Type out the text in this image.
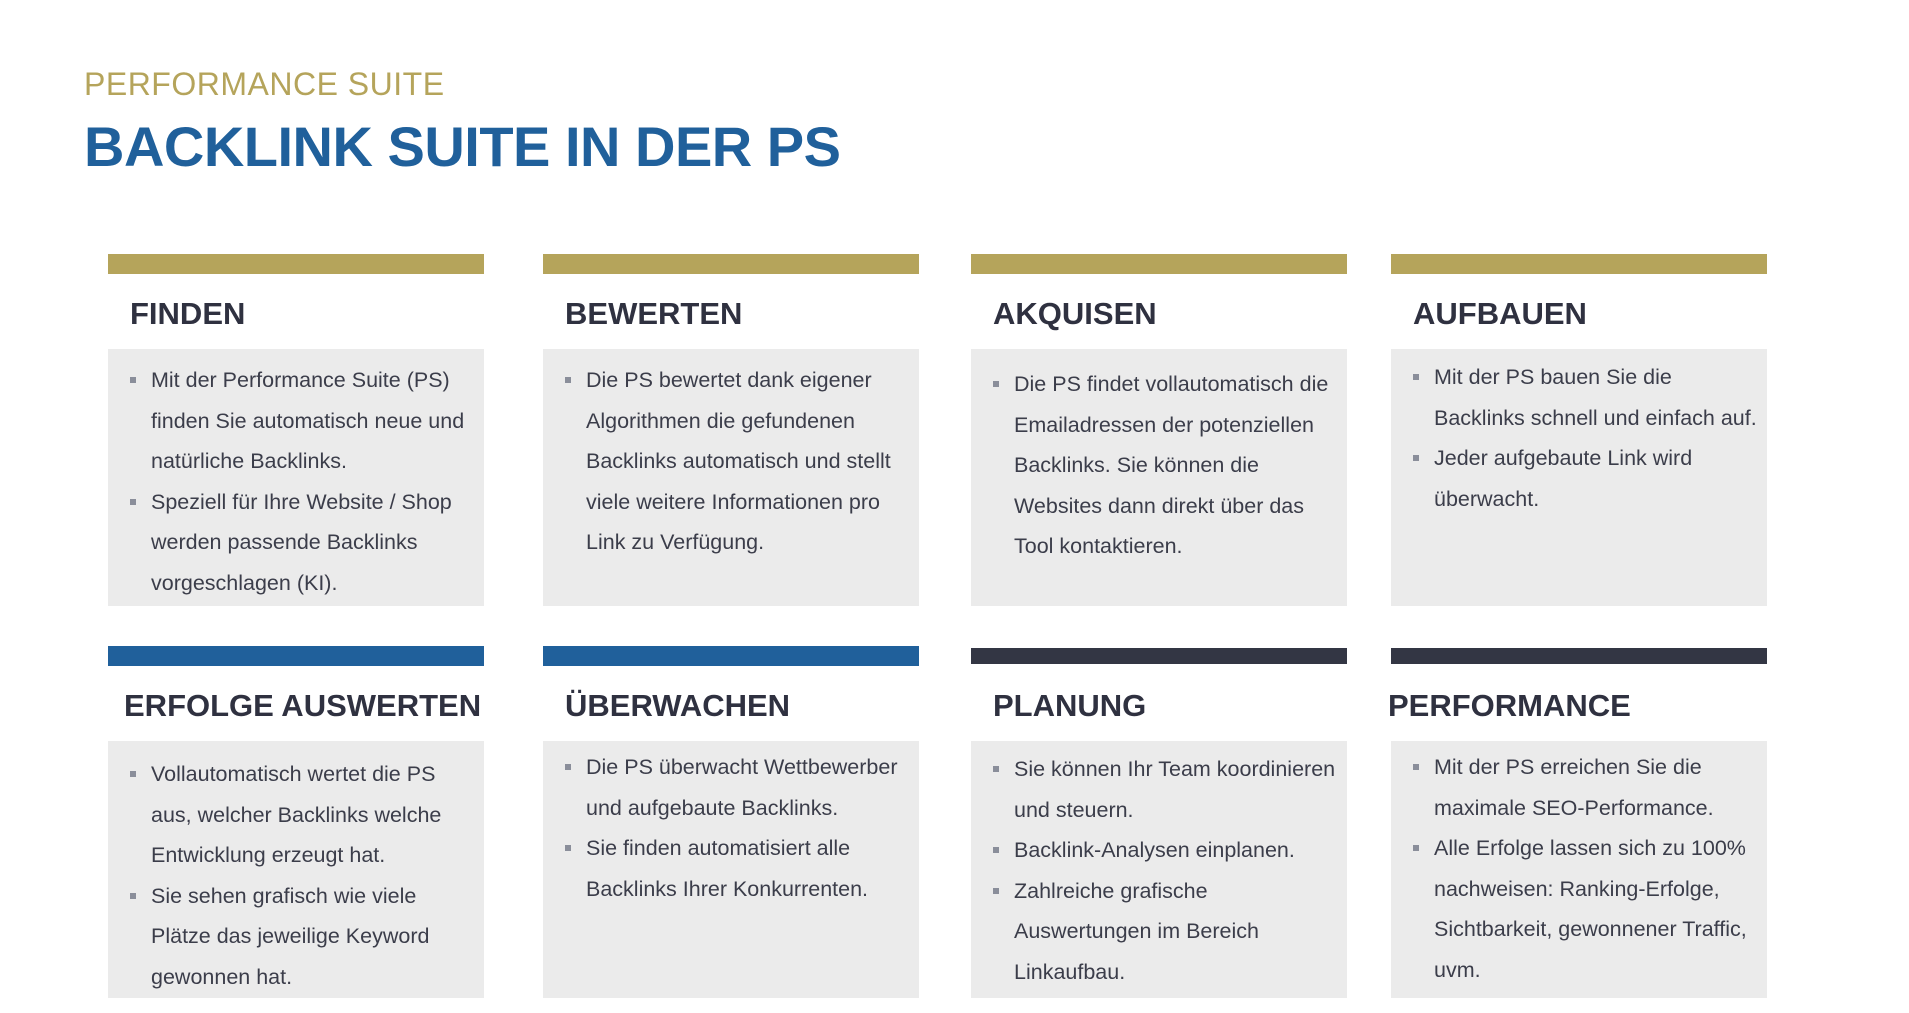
PERFORMANCE SUITE
BACKLINK SUITE IN DER PS
FINDEN
Mit der Performance Suite (PS) finden Sie automatisch neue und natürliche Backlinks.
Speziell für Ihre Website / Shop werden passende Backlinks vorgeschlagen (KI).
BEWERTEN
Die PS bewertet dank eigener Algorithmen die gefundenen Backlinks automatisch und stellt viele weitere Informationen pro Link zu Verfügung.
AKQUISEN
Die PS findet vollautomatisch die Emailadressen der potenziellen Backlinks. Sie können die Websites dann direkt über das Tool kontaktieren.
AUFBAUEN
Mit der PS bauen Sie die Backlinks schnell und einfach auf.
Jeder aufgebaute Link wird überwacht.
ERFOLGE AUSWERTEN
Vollautomatisch wertet die PS aus, welcher Backlinks welche Entwicklung erzeugt hat.
Sie sehen grafisch wie viele Plätze das jeweilige Keyword gewonnen hat.
ÜBERWACHEN
Die PS überwacht Wettbewerber und aufgebaute Backlinks.
Sie finden automatisiert alle Backlinks Ihrer Konkurrenten.
PLANUNG
Sie können Ihr Team koordinieren und steuern.
Backlink-Analysen einplanen.
Zahlreiche grafische Auswertungen im Bereich Linkaufbau.
PERFORMANCE
Mit der PS erreichen Sie die maximale SEO-Performance.
Alle Erfolge lassen sich zu 100% nachweisen: Ranking-Erfolge, Sichtbarkeit, gewonnener Traffic, uvm.
